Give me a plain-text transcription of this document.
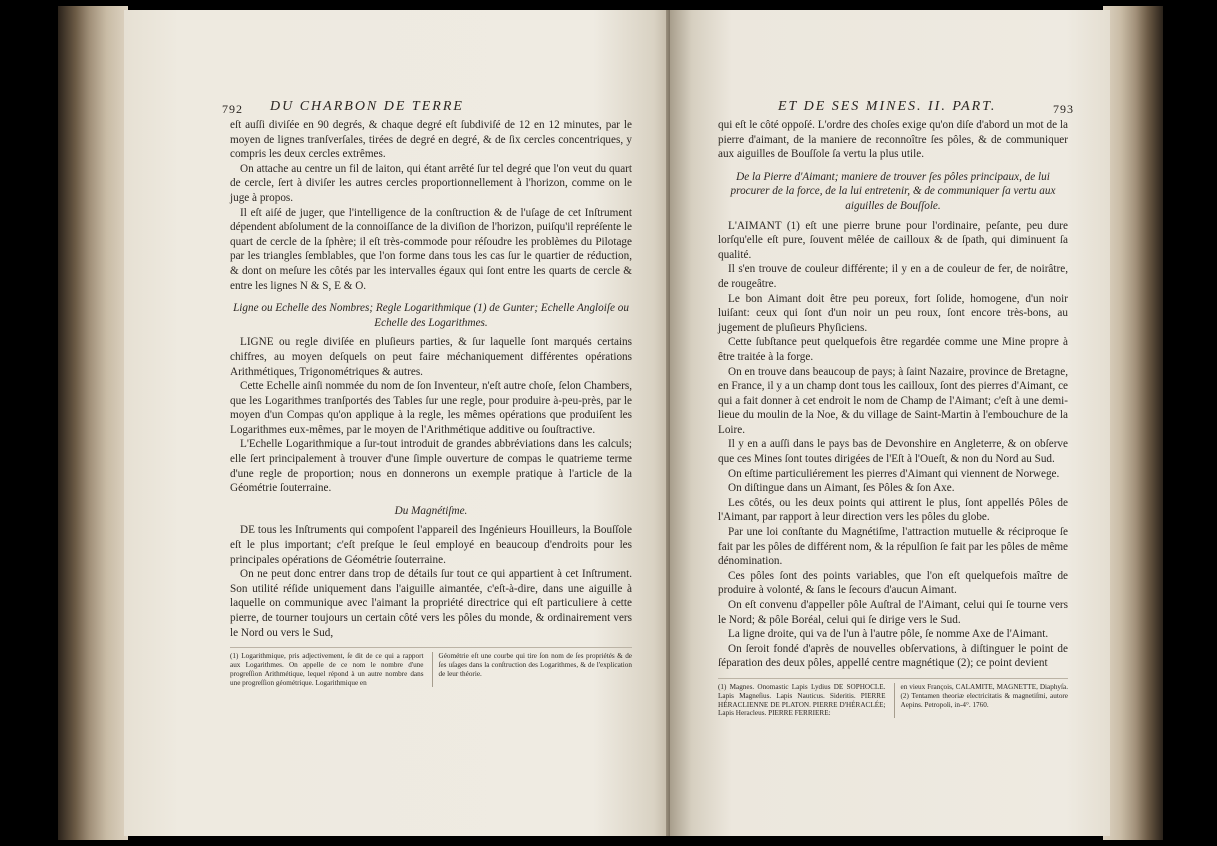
792 DU CHARBON DE TERRE

eſt auſſi diviſée en 90 degrés, & chaque degré eſt ſubdiviſé de 12 en 12 minutes, par le moyen de lignes tranſverſales, tirées de degré en degré, & de ſix cercles concentriques, y compris les deux cercles extrêmes.

On attache au centre un fil de laiton, qui étant arrêté ſur tel degré que l'on veut du quart de cercle, ſert à diviſer les autres cercles proportionnellement à l'horizon, comme on le juge à propos.

Il eſt aiſé de juger, que l'intelligence de la conſtruction & de l'uſage de cet Inſtrument dépendent abſolument de la connoiſſance de la diviſion de l'horizon, puiſqu'il repréſente le quart de cercle de la ſphère; il eſt très-commode pour réſoudre les problèmes du Pilotage par les triangles ſemblables, que l'on forme dans tous les cas ſur le quartier de réduction, & dont on meſure les côtés par les intervalles égaux qui ſont entre les quarts de cercle & entre les lignes N & S, E & O.

Ligne ou Echelle des Nombres; Regle Logarithmique (1) de Gunter; Echelle Angloiſe ou Echelle des Logarithmes.

LIGNE ou regle diviſée en pluſieurs parties, & ſur laquelle ſont marqués certains chiffres, au moyen deſquels on peut faire méchaniquement différentes opérations Arithmétiques, Trigonométriques & autres.

Cette Echelle ainſi nommée du nom de ſon Inventeur, n'eſt autre choſe, ſelon Chambers, que les Logarithmes tranſportés des Tables ſur une regle, pour produire à-peu-près, par le moyen d'un Compas qu'on applique à la regle, les mêmes opérations que produiſent les Logarithmes eux-mêmes, par le moyen de l'Arithmétique additive ou ſouſtractive.

L'Echelle Logarithmique a ſur-tout introduit de grandes abbréviations dans les calculs; elle ſert principalement à trouver d'une ſimple ouverture de compas le quatrieme terme d'une regle de proportion; nous en donnerons un exemple pratique à l'article de la Géométrie ſouterraine.

Du Magnétiſme.

DE tous les Inſtruments qui compoſent l'appareil des Ingénieurs Houilleurs, la Bouſſole eſt le plus important; c'eſt preſque le ſeul employé en beaucoup d'endroits pour les principales opérations de Géométrie ſouterraine.

On ne peut donc entrer dans trop de détails ſur tout ce qui appartient à cet Inſtrument. Son utilité réſide uniquement dans l'aiguille aimantée, c'eſt-à-dire, dans une aiguille à laquelle on communique avec l'aimant la propriété directrice qui eſt particuliere à cette pierre, de tourner toujours un certain côté vers les pôles du monde, & ordinairement vers le Nord ou vers le Sud,

(1) Logarithmique, pris adjectivement, ſe dit de ce qui a rapport aux Logarithmes. On appelle de ce nom le nombre d'une progreſſion Arithmétique, lequel répond à un autre nombre dans une progreſſion géométrique. Logarithmique en
Géométrie eſt une courbe qui tire ſon nom de ſes propriétés & de ſes uſages dans la conſtruction des Logarithmes, & de l'explication de leur théorie.
ET DE SES MINES. II. PART.	793

qui eſt le côté oppoſé. L'ordre des choſes exige qu'on diſe d'abord un mot de la pierre d'aimant, de la maniere de reconnoître ſes pôles, & de communiquer aux aiguilles de Bouſſole ſa vertu la plus utile.

De la Pierre d'Aimant; maniere de trouver ſes pôles principaux, de lui procurer de la force, de la lui entretenir, & de communiquer ſa vertu aux aiguilles de Bouſſole.

L'AIMANT (1) eſt une pierre brune pour l'ordinaire, peſante, peu dure lorſqu'elle eſt pure, ſouvent mêlée de cailloux & de ſpath, qui diminuent ſa qualité.

Il s'en trouve de couleur différente; il y en a de couleur de fer, de noirâtre, de rougeâtre.

Le bon Aimant doit être peu poreux, fort ſolide, homogene, d'un noir luiſant: ceux qui ſont d'un noir un peu roux, ſont encore très-bons, au jugement de pluſieurs Phyſiciens.

Cette ſubſtance peut quelquefois être regardée comme une Mine propre à être traitée à la forge.

On en trouve dans beaucoup de pays; à ſaint Nazaire, province de Bretagne, en France, il y a un champ dont tous les cailloux, ſont des pierres d'Aimant, ce qui a fait donner à cet endroit le nom de Champ de l'Aimant; c'eſt à une demi-lieue du moulin de la Noe, & du village de Saint-Martin à l'embouchure de la Loire.

Il y en a auſſi dans le pays bas de Devonshire en Angleterre, & on obſerve que ces Mines ſont toutes dirigées de l'Eſt à l'Oueſt, & non du Nord au Sud.

On eſtime particuliérement les pierres d'Aimant qui viennent de Norwege.

On diſtingue dans un Aimant, ſes Pôles & ſon Axe.

Les côtés, ou les deux points qui attirent le plus, ſont appellés Pôles de l'Aimant, par rapport à leur direction vers les pôles du globe.

Par une loi conſtante du Magnétiſme, l'attraction mutuelle & réciproque ſe fait par les pôles de différent nom, & la répulſion ſe fait par les pôles de même dénomination.

Ces pôles ſont des points variables, que l'on eſt quelquefois maître de produire à volonté, & ſans le ſecours d'aucun Aimant.

On eſt convenu d'appeller pôle Auſtral de l'Aimant, celui qui ſe tourne vers le Nord; & pôle Boréal, celui qui ſe dirige vers le Sud.

La ligne droite, qui va de l'un à l'autre pôle, ſe nomme Axe de l'Aimant.

On ſeroit fondé d'après de nouvelles obſervations, à diſtinguer le point de ſéparation des deux pôles, appellé centre magnétique (2); ce point devient

(1) Magnes. Onomastic Lapis Lydius DE SOPHOCLE. Lapis Magneſius. Lapis Nauticus. Sideritis. PIERRE HÉRACLIENNE DE PLATON. PIERRE D'HÉRACLÉE; Lapis Heracleus. PIERRE FERRIERE:
en vieux François, CALAMITE, MAGNETTE, Diaphyſa. (2) Tentamen theoriæ electricitatis & magnetiſmi, autore Aepins. Petropoli, in-4°. 1760.
